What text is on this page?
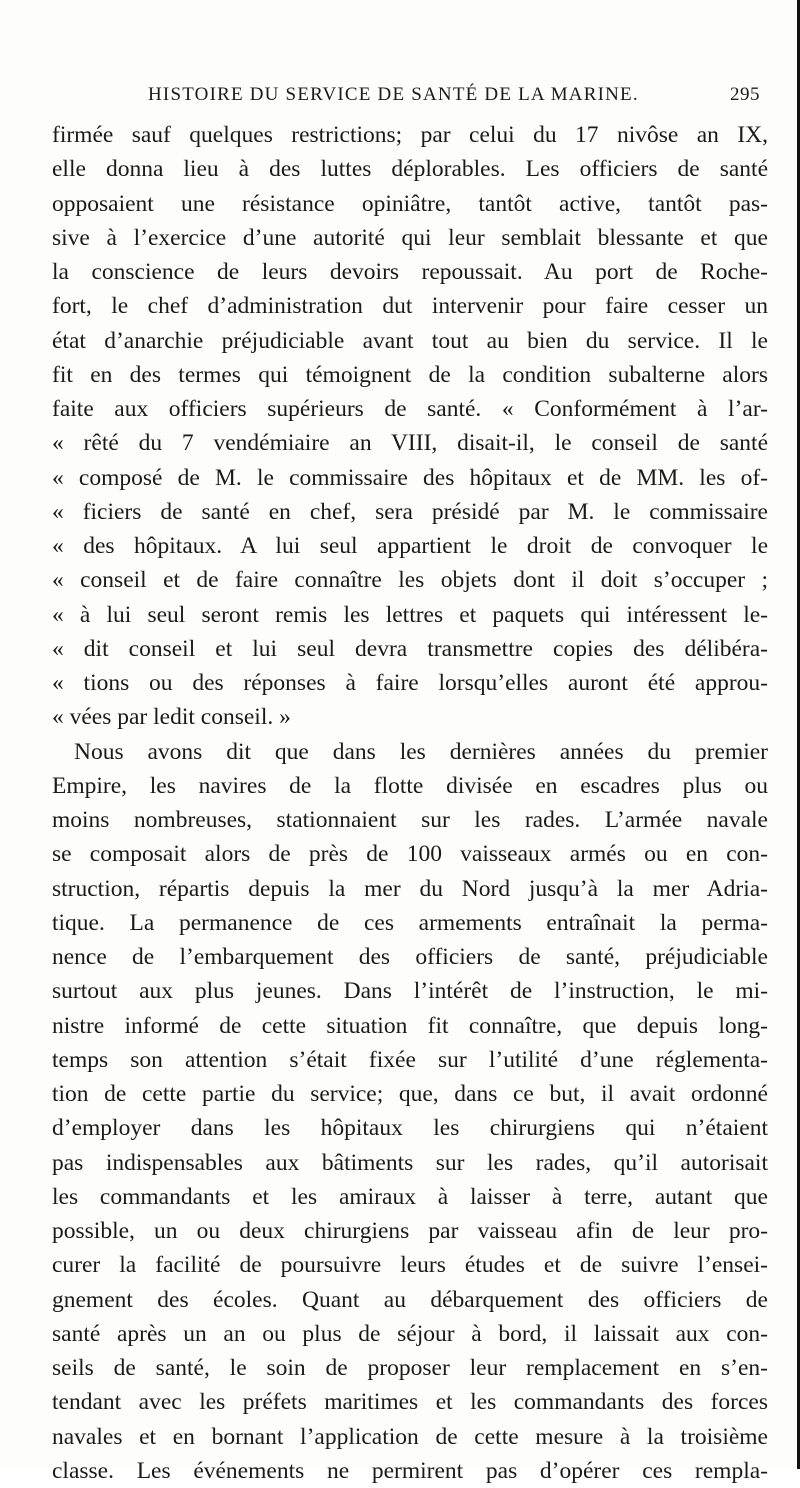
HISTOIRE DU SERVICE DE SANTÉ DE LA MARINE.	295
firmée sauf quelques restrictions; par celui du 17 nivôse an IX,
elle donna lieu à des luttes déplorables. Les officiers de santé
opposaient une résistance opiniâtre, tantôt active, tantôt pas-
sive à l’exercice d’une autorité qui leur semblait blessante et que
la conscience de leurs devoirs repoussait. Au port de Roche-
fort, le chef d’administration dut intervenir pour faire cesser un
état d’anarchie préjudiciable avant tout au bien du service. Il le
fit en des termes qui témoignent de la condition subalterne alors
faite aux officiers supérieurs de santé. « Conformément à l’ar-
« rêté du 7 vendémiaire an VIII, disait-il, le conseil de santé
« composé de M. le commissaire des hôpitaux et de MM. les of-
« ficiers de santé en chef, sera présidé par M. le commissaire
« des hôpitaux. A lui seul appartient le droit de convoquer le
« conseil et de faire connaître les objets dont il doit s’occuper ;
« à lui seul seront remis les lettres et paquets qui intéressent le-
« dit conseil et lui seul devra transmettre copies des délibéra-
« tions ou des réponses à faire lorsqu’elles auront été approu-
« vées par ledit conseil. »
Nous avons dit que dans les dernières années du premier
Empire, les navires de la flotte divisée en escadres plus ou
moins nombreuses, stationnaient sur les rades. L’armée navale
se composait alors de près de 100 vaisseaux armés ou en con-
struction, répartis depuis la mer du Nord jusqu’à la mer Adria-
tique. La permanence de ces armements entraînait la perma-
nence de l’embarquement des officiers de santé, préjudiciable
surtout aux plus jeunes. Dans l’intérêt de l’instruction, le mi-
nistre informé de cette situation fit connaître, que depuis long-
temps son attention s’était fixée sur l’utilité d’une réglementa-
tion de cette partie du service; que, dans ce but, il avait ordonné
d’employer dans les hôpitaux les chirurgiens qui n’étaient
pas indispensables aux bâtiments sur les rades, qu’il autorisait
les commandants et les amiraux à laisser à terre, autant que
possible, un ou deux chirurgiens par vaisseau afin de leur pro-
curer la facilité de poursuivre leurs études et de suivre l’ensei-
gnement des écoles. Quant au débarquement des officiers de
santé après un an ou plus de séjour à bord, il laissait aux con-
seils de santé, le soin de proposer leur remplacement en s’en-
tendant avec les préfets maritimes et les commandants des forces
navales et en bornant l’application de cette mesure à la troisième
classe. Les événements ne permirent pas d’opérer ces rempla-
